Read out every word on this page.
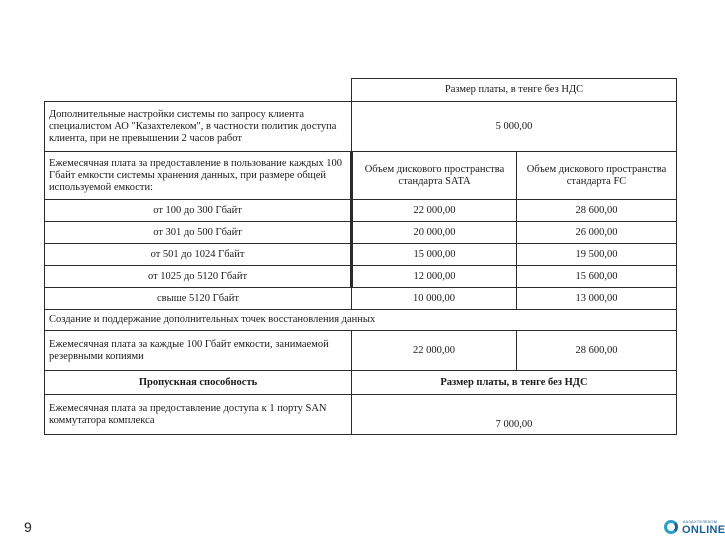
	Размер платы, в тенге без НДС	
Дополнительные настройки системы по запросу клиента специалистом АО "Казахтелеком", в частности политик доступа клиента, при не превышении 2 часов работ	5 000,00	
Ежемесячная плата за предоставление в пользование каждых 100 Гбайт емкости системы хранения данных, при размере общей используемой емкости:	Объем дискового пространства стандарта SATA	Объем дискового пространства стандарта FC
от 100 до 300 Гбайт	22 000,00	28 600,00
от 301 до 500 Гбайт	20 000,00	26 000,00
от 501 до 1024 Гбайт	15 000,00	19 500,00
от 1025 до 5120 Гбайт	12 000,00	15 600,00
свыше 5120 Гбайт	10 000,00	13 000,00
Создание и поддержание дополнительных точек восстановления данных		
Ежемесячная плата за каждые 100 Гбайт емкости, занимаемой резервными копиями	22 000,00	28 600,00
Пропускная способность	Размер платы, в тенге без НДС	
Ежемесячная плата за предоставление доступа к 1 порту SAN коммутатора комплекса	7 000,00	
9	КАЗАХТЕЛЕКОМ
ONLINE
